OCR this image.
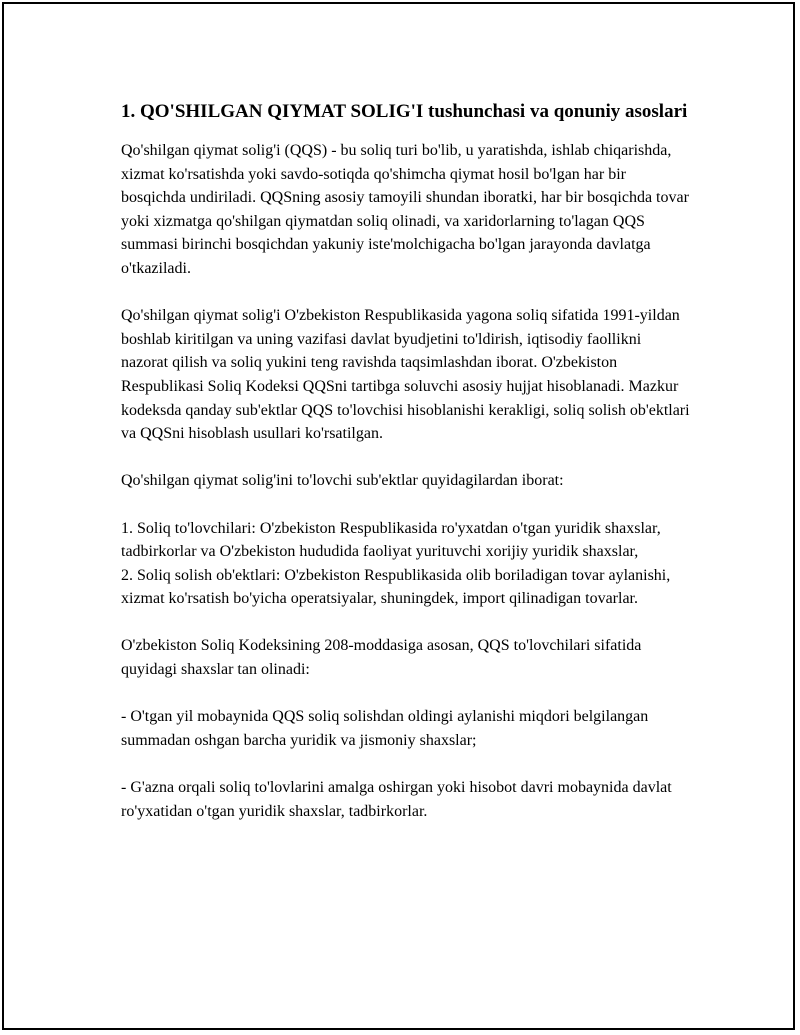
1. QO'SHILGAN QIYMAT SOLIG'I tushunchasi va qonuniy asoslari

Qo'shilgan qiymat solig'i (QQS) - bu soliq turi bo'lib, u yaratishda, ishlab chiqarishda, xizmat ko'rsatishda yoki savdo-sotiqda qo'shimcha qiymat hosil bo'lgan har bir bosqichda undiriladi. QQSning asosiy tamoyili shundan iboratki, har bir bosqichda tovar yoki xizmatga qo'shilgan qiymatdan soliq olinadi, va xaridorlarning to'lagan QQS summasi birinchi bosqichdan yakuniy iste'molchigacha bo'lgan jarayonda davlatga o'tkaziladi.

Qo'shilgan qiymat solig'i O'zbekiston Respublikasida yagona soliq sifatida 1991-yildan boshlab kiritilgan va uning vazifasi davlat byudjetini to'ldirish, iqtisodiy faollikni nazorat qilish va soliq yukini teng ravishda taqsimlashdan iborat. O'zbekiston Respublikasi Soliq Kodeksi QQSni tartibga soluvchi asosiy hujjat hisoblanadi. Mazkur kodeksda qanday sub'ektlar QQS to'lovchisi hisoblanishi kerakligi, soliq solish ob'ektlari va QQSni hisoblash usullari ko'rsatilgan.

Qo'shilgan qiymat solig'ini to'lovchi sub'ektlar quyidagilardan iborat:

1. Soliq to'lovchilari: O'zbekiston Respublikasida ro'yxatdan o'tgan yuridik shaxslar, tadbirkorlar va O'zbekiston hududida faoliyat yurituvchi xorijiy yuridik shaxslar,

2. Soliq solish ob'ektlari: O'zbekiston Respublikasida olib boriladigan tovar aylanishi, xizmat ko'rsatish bo'yicha operatsiyalar, shuningdek, import qilinadigan tovarlar.

O'zbekiston Soliq Kodeksining 208-moddasiga asosan, QQS to'lovchilari sifatida quyidagi shaxslar tan olinadi:

- O'tgan yil mobaynida QQS soliq solishdan oldingi aylanishi miqdori belgilangan summadan oshgan barcha yuridik va jismoniy shaxslar;

- G'azna orqali soliq to'lovlarini amalga oshirgan yoki hisobot davri mobaynida davlat ro'yxatidan o'tgan yuridik shaxslar, tadbirkorlar.
